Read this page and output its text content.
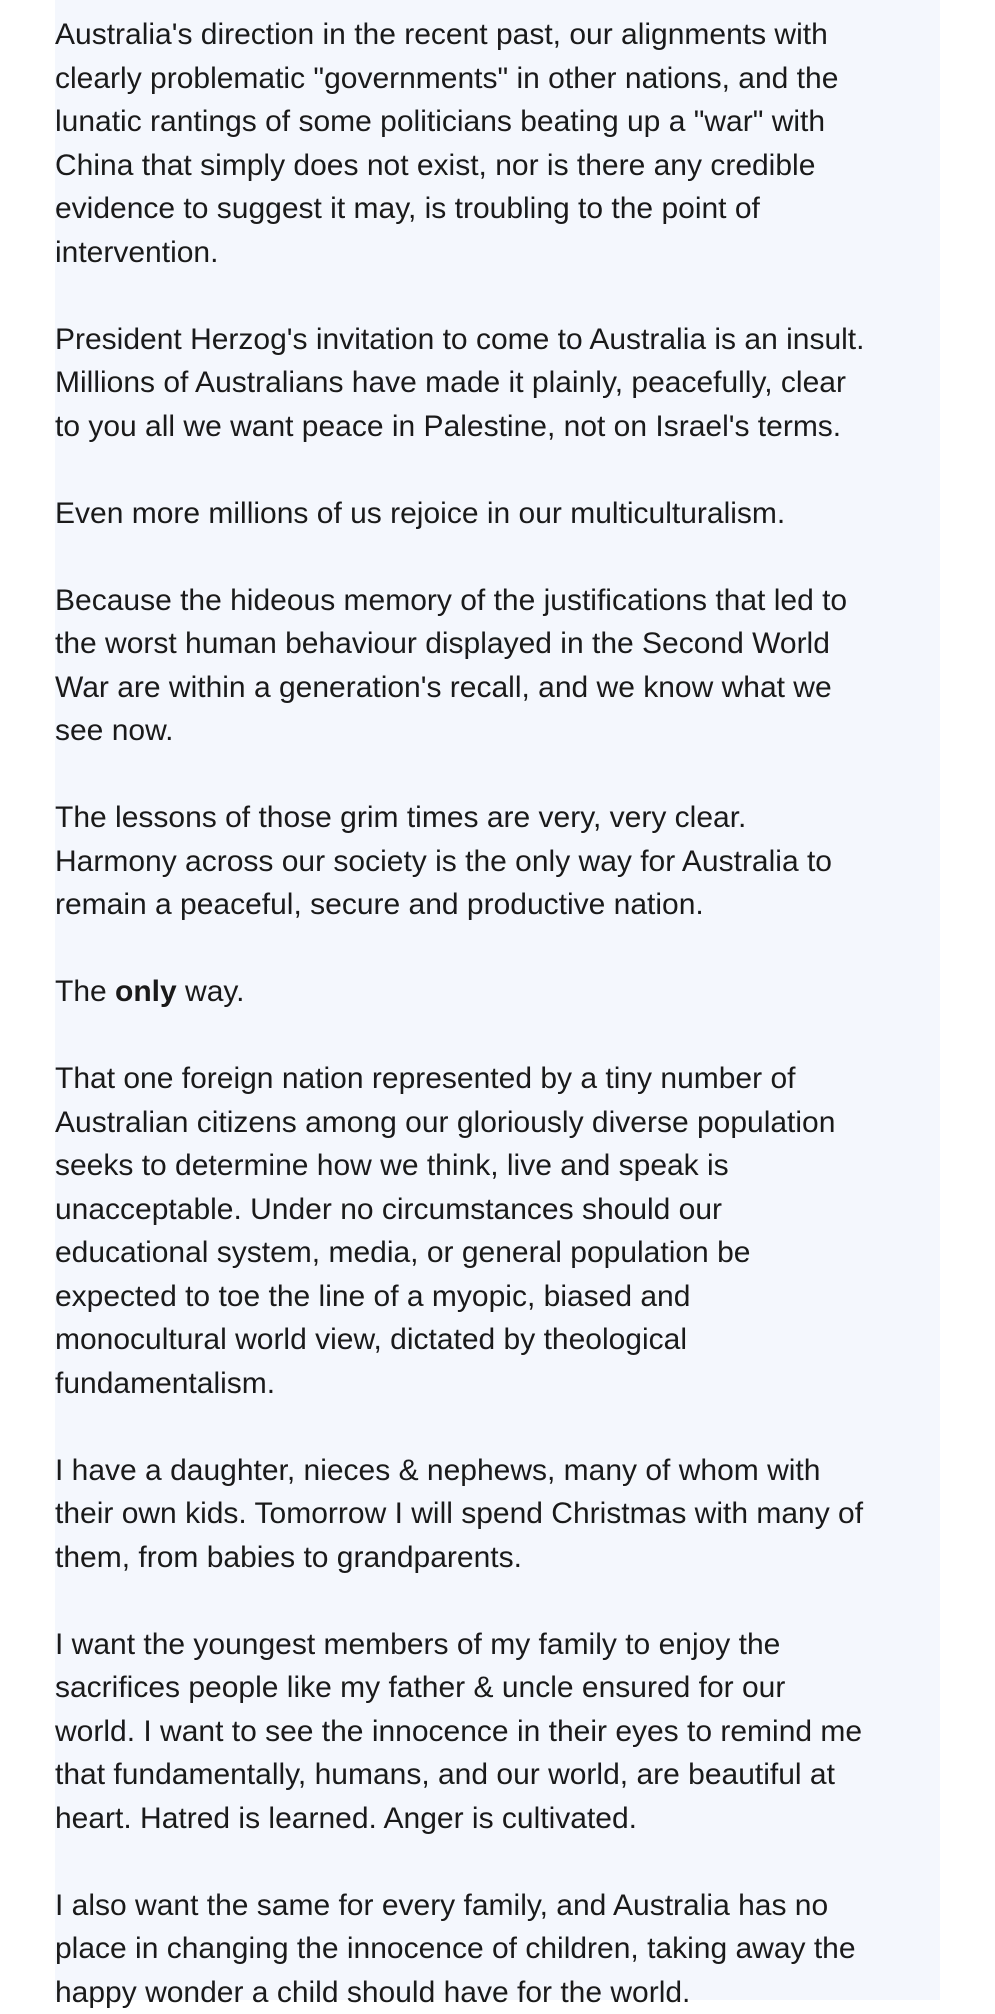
Australia's direction in the recent past, our alignments with
clearly problematic "governments" in other nations, and the
lunatic rantings of some politicians beating up a "war" with
China that simply does not exist, nor is there any credible
evidence to suggest it may, is troubling to the point of
intervention.

President Herzog's invitation to come to Australia is an insult.
Millions of Australians have made it plainly, peacefully, clear
to you all we want peace in Palestine, not on Israel's terms.

Even more millions of us rejoice in our multiculturalism.

Because the hideous memory of the justifications that led to
the worst human behaviour displayed in the Second World
War are within a generation's recall, and we know what we
see now.

The lessons of those grim times are very, very clear.
Harmony across our society is the only way for Australia to
remain a peaceful, secure and productive nation.

The only way.

That one foreign nation represented by a tiny number of
Australian citizens among our gloriously diverse population
seeks to determine how we think, live and speak is
unacceptable. Under no circumstances should our
educational system, media, or general population be
expected to toe the line of a myopic, biased and
monocultural world view, dictated by theological
fundamentalism.

I have a daughter, nieces & nephews, many of whom with
their own kids. Tomorrow I will spend Christmas with many of
them, from babies to grandparents.

I want the youngest members of my family to enjoy the
sacrifices people like my father & uncle ensured for our
world. I want to see the innocence in their eyes to remind me
that fundamentally, humans, and our world, are beautiful at
heart. Hatred is learned. Anger is cultivated.

I also want the same for every family, and Australia has no
place in changing the innocence of children, taking away the
happy wonder a child should have for the world.
